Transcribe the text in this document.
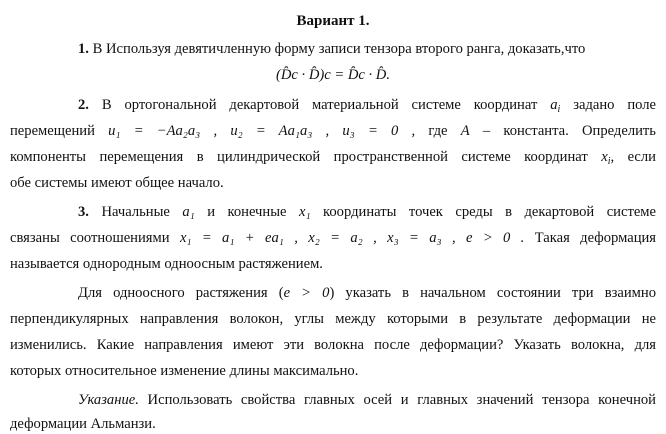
Вариант 1.
1. В Используя девятичленную форму записи тензора второго ранга, доказать,что
(D̂c · D̂)c = D̂c · D̂.
2. В ортогональной декартовой материальной системе координат $a_i$ задано поле
перемещений u₁ = −Aa₂a₃ , u₂ = Aa₁a₃ , u₃ = 0 , где A – константа. Определить
компоненты перемещения в цилиндрической пространственной системе координат $x_i$, если
обе системы имеют общее начало.
3. Начальные a₁ и конечные x₁ координаты точек среды в декартовой системе
связаны соотношениями x₁ = a₁ + ea₁ , x₂ = a₂ , x₃ = a₃ , e > 0 . Такая деформация
называется однородным одноосным растяжением.
Для одноосного растяжения (e > 0) указать в начальном состоянии три взаимно
перпендикулярных направления волокон, углы между которыми в результате деформации не
изменились. Какие направления имеют эти волокна после деформации? Указать волокна, для
которых относительное изменение длины максимально.
Указание. Использовать свойства главных осей и главных значений тензора конечной
деформации Альманзи.
